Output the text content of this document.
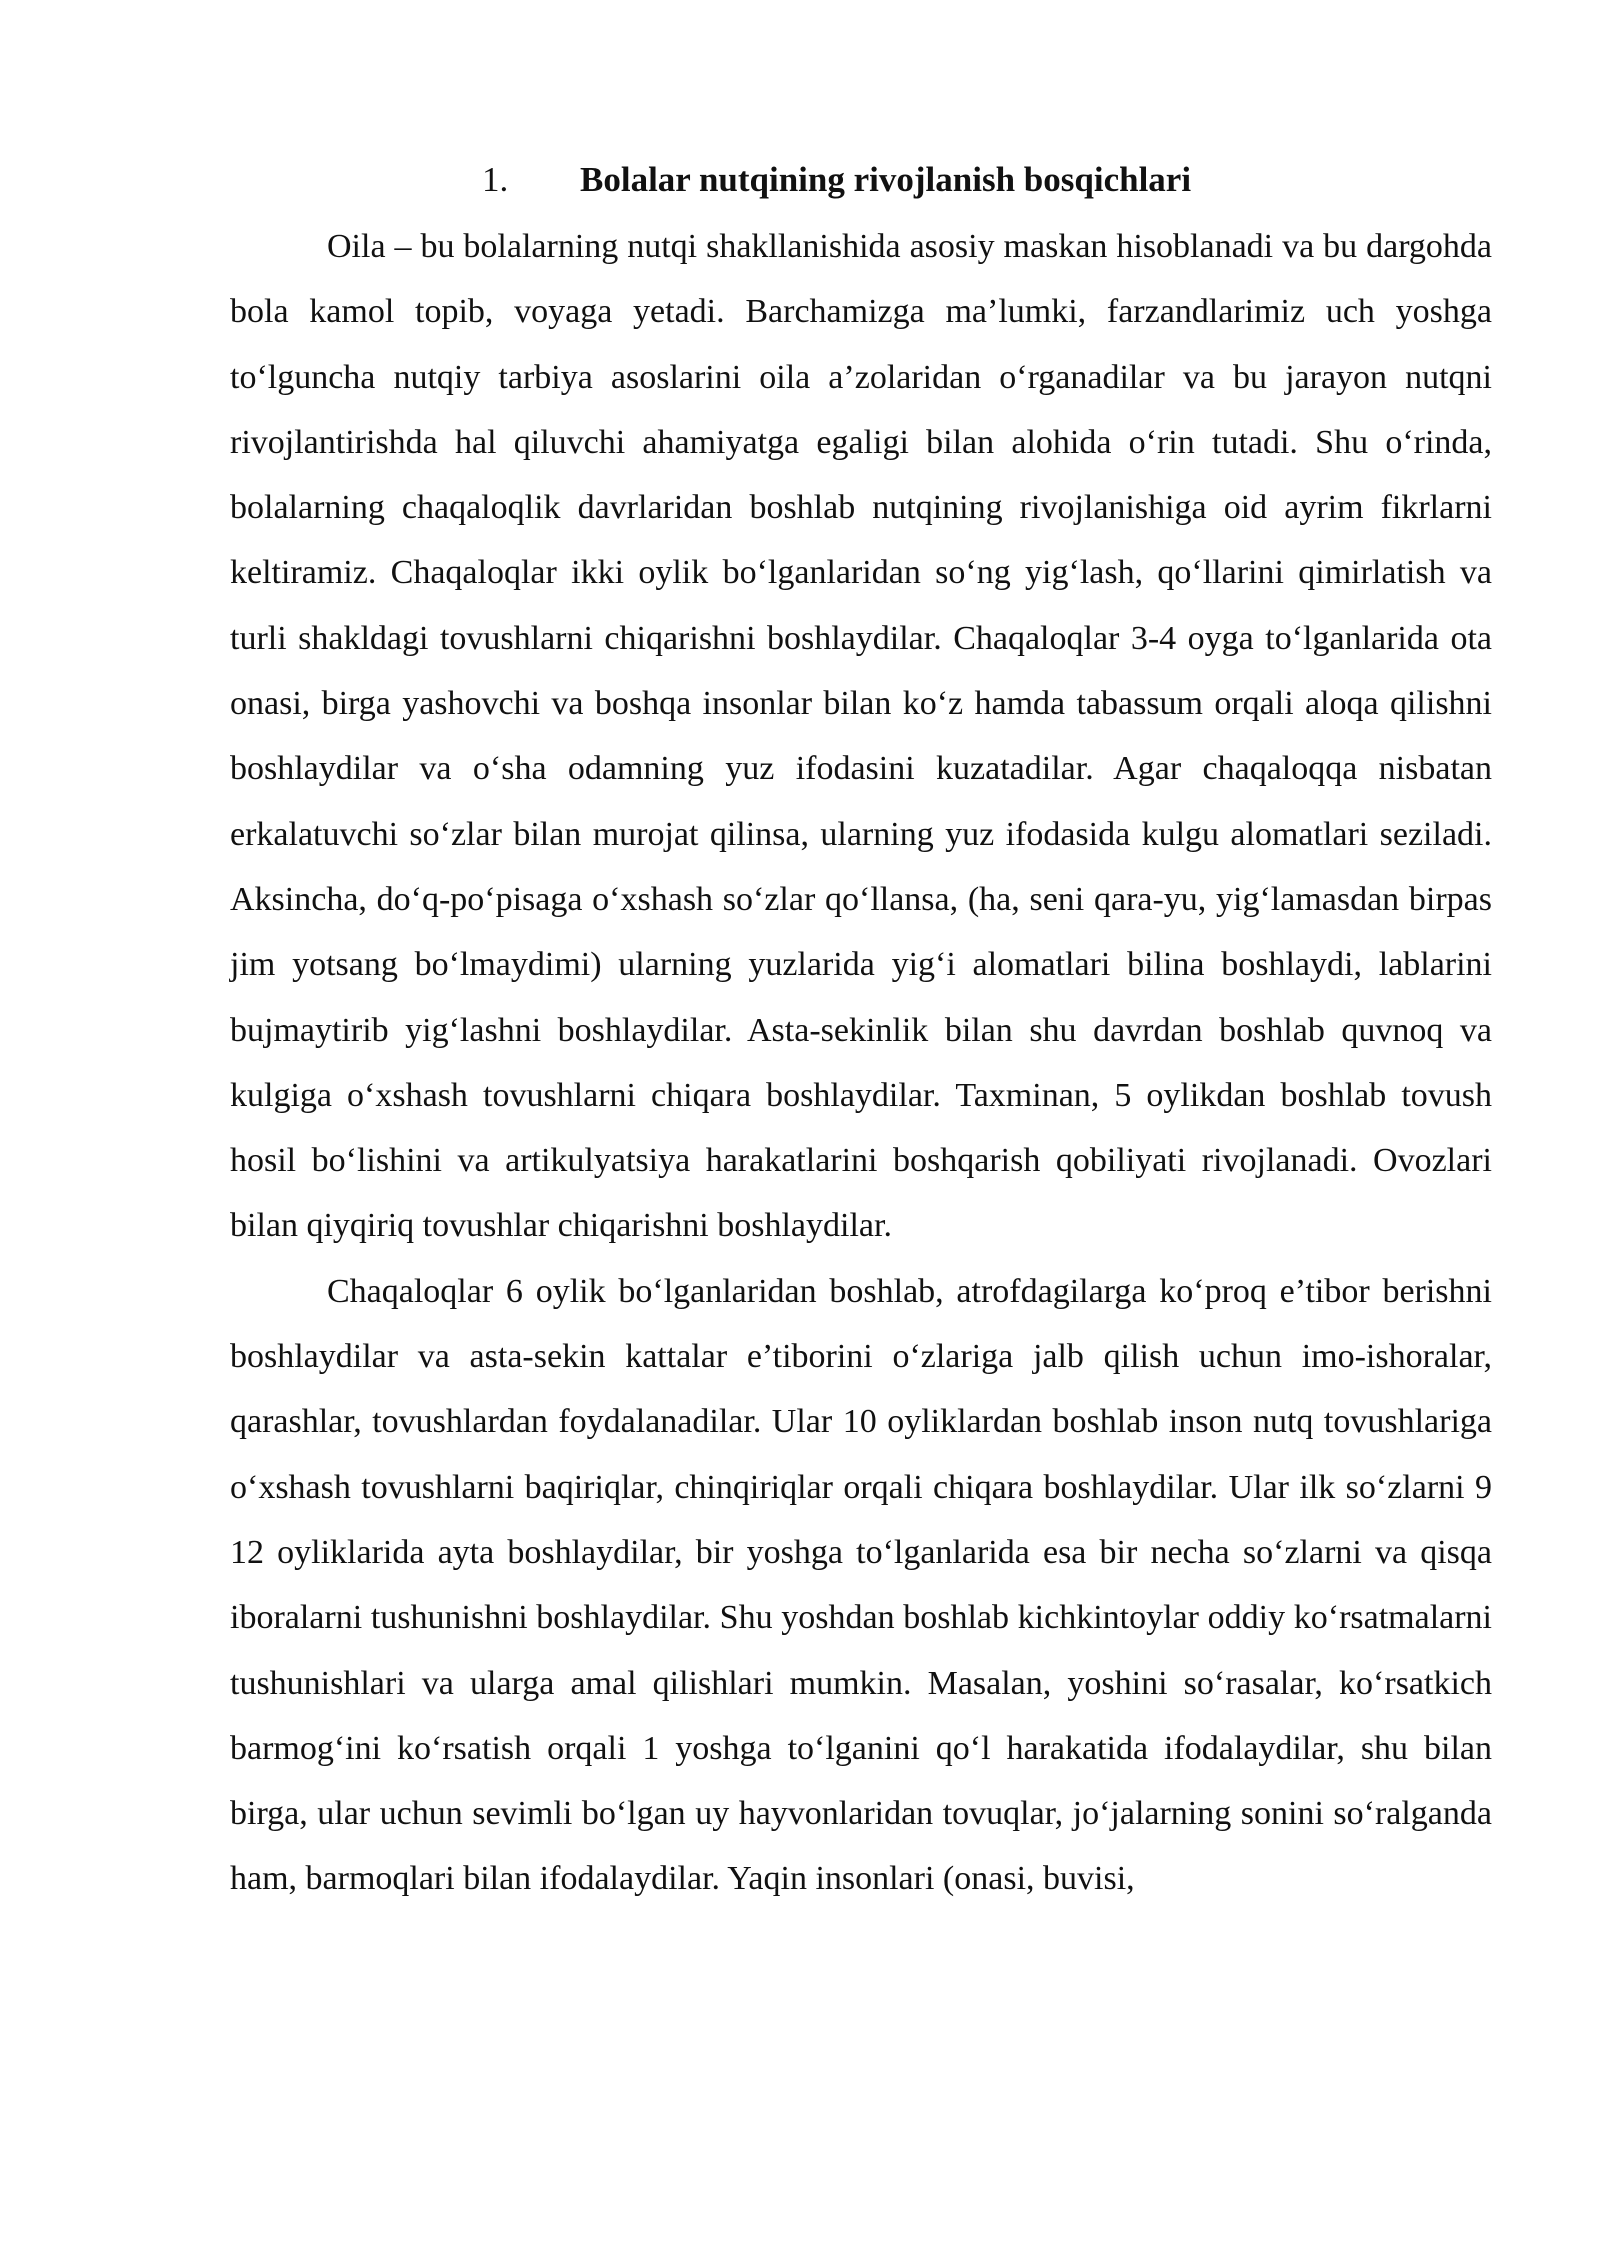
1. Bolalar nutqining rivojlanish bosqichlari

Oila – bu bolalarning nutqi shakllanishida asosiy maskan hisoblanadi va bu dargohda bola kamol topib, voyaga yetadi. Barchamizga ma’lumki, farzandlarimiz uch yoshga to‘lguncha nutqiy tarbiya asoslarini oila a’zolaridan o‘rganadilar va bu jarayon nutqni rivojlantirishda hal qiluvchi ahamiyatga egaligi bilan alohida o‘rin tutadi. Shu o‘rinda, bolalarning chaqaloqlik davrlaridan boshlab nutqining rivojlanishiga oid ayrim fikrlarni keltiramiz. Chaqaloqlar ikki oylik bo‘lganlaridan so‘ng yig‘lash, qo‘llarini qimirlatish va turli shakldagi tovushlarni chiqarishni boshlaydilar. Chaqaloqlar 3-4 oyga to‘lganlarida ota onasi, birga yashovchi va boshqa insonlar bilan ko‘z hamda tabassum orqali aloqa qilishni boshlaydilar va o‘sha odamning yuz ifodasini kuzatadilar. Agar chaqaloqqa nisbatan erkalatuvchi so‘zlar bilan murojat qilinsa, ularning yuz ifodasida kulgu alomatlari seziladi. Aksincha, do‘q-po‘pisaga o‘xshash so‘zlar qo‘llansa, (ha, seni qara-yu, yig‘lamasdan birpas jim yotsang bo‘lmaydimi) ularning yuzlarida yig‘i alomatlari bilina boshlaydi, lablarini bujmaytirib yig‘lashni boshlaydilar. Asta-sekinlik bilan shu davrdan boshlab quvnoq va kulgiga o‘xshash tovushlarni chiqara boshlaydilar. Taxminan, 5 oylikdan boshlab tovush hosil bo‘lishini va artikulyatsiya harakatlarini boshqarish qobiliyati rivojlanadi. Ovozlari bilan qiyqiriq tovushlar chiqarishni boshlaydilar.

Chaqaloqlar 6 oylik bo‘lganlaridan boshlab, atrofdagilarga ko‘proq e’tibor berishni boshlaydilar va asta-sekin kattalar e’tiborini o‘zlariga jalb qilish uchun imo-ishoralar, qarashlar, tovushlardan foydalanadilar. Ular 10 oyliklardan boshlab inson nutq tovushlariga o‘xshash tovushlarni baqiriqlar, chinqiriqlar orqali chiqara boshlaydilar. Ular ilk so‘zlarni 9 12 oyliklarida ayta boshlaydilar, bir yoshga to‘lganlarida esa bir necha so‘zlarni va qisqa iboralarni tushunishni boshlaydilar. Shu yoshdan boshlab kichkintoylar oddiy ko‘rsatmalarni tushunishlari va ularga amal qilishlari mumkin. Masalan, yoshini so‘rasalar, ko‘rsatkich barmog‘ini ko‘rsatish orqali 1 yoshga to‘lganini qo‘l harakatida ifodalaydilar, shu bilan birga, ular uchun sevimli bo‘lgan uy hayvonlaridan tovuqlar, jo‘jalarning sonini so‘ralganda ham, barmoqlari bilan ifodalaydilar. Yaqin insonlari (onasi, buvisi,
